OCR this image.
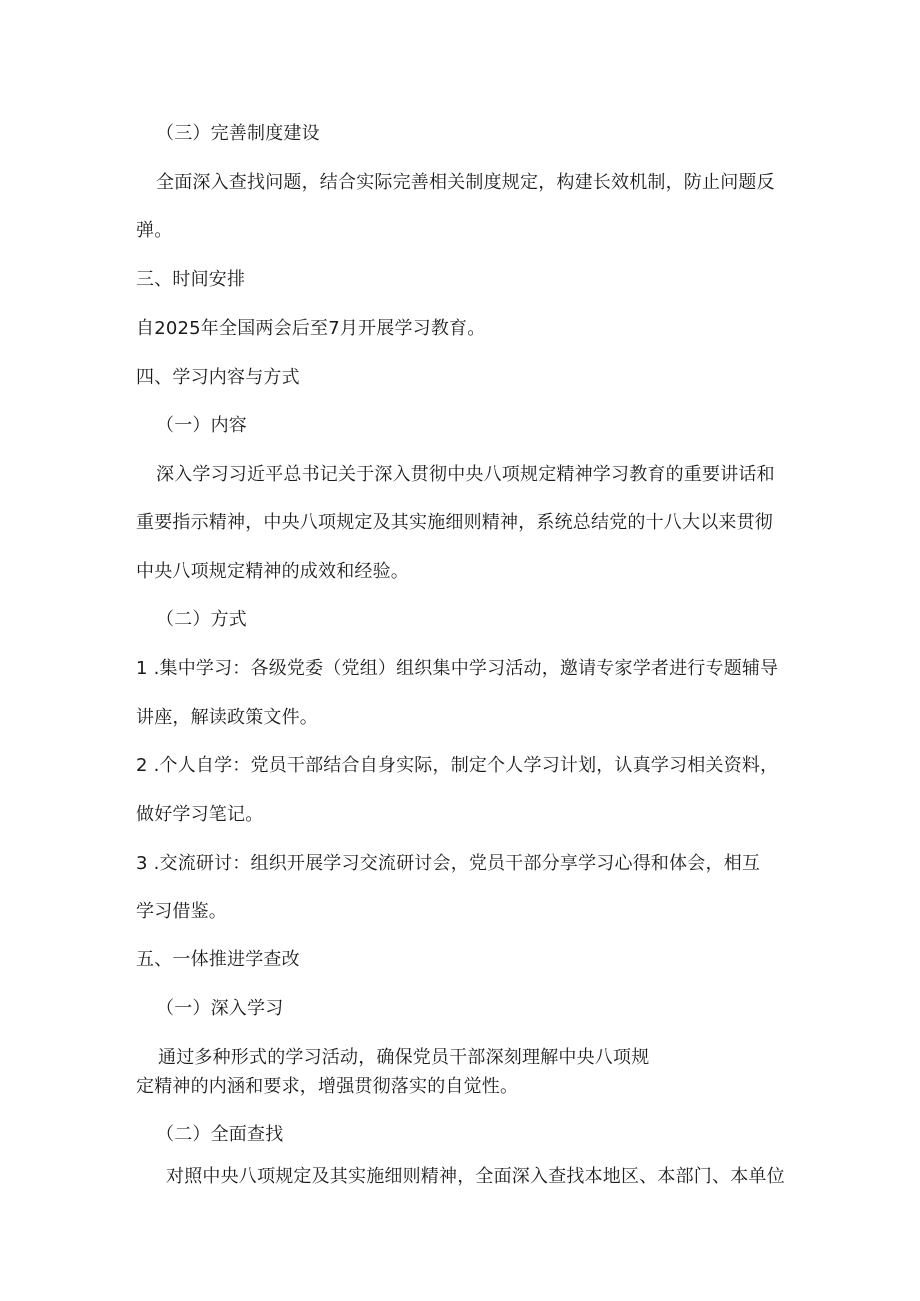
（三）完善制度建设
全面深入查找问题，结合实际完善相关制度规定，构建长效机制，防止问题反
弹。
三、时间安排
自2025年全国两会后至7月开展学习教育。
四、学习内容与方式
（一）内容
深入学习习近平总书记关于深入贯彻中央八项规定精神学习教育的重要讲话和
重要指示精神，中央八项规定及其实施细则精神，系统总结党的十八大以来贯彻
中央八项规定精神的成效和经验。
（二）方式
1 .集中学习：各级党委（党组）组织集中学习活动，邀请专家学者进行专题辅导
讲座，解读政策文件。
2 .个人自学：党员干部结合自身实际，制定个人学习计划，认真学习相关资料，
做好学习笔记。
3 .交流研讨：组织开展学习交流研讨会，党员干部分享学习心得和体会，相互
学习借鉴。
五、一体推进学查改
（一）深入学习
通过多种形式的学习活动，确保党员干部深刻理解中央八项规
定精神的内涵和要求，增强贯彻落实的自觉性。
（二）全面查找
对照中央八项规定及其实施细则精神，全面深入查找本地区、本部门、本单位
